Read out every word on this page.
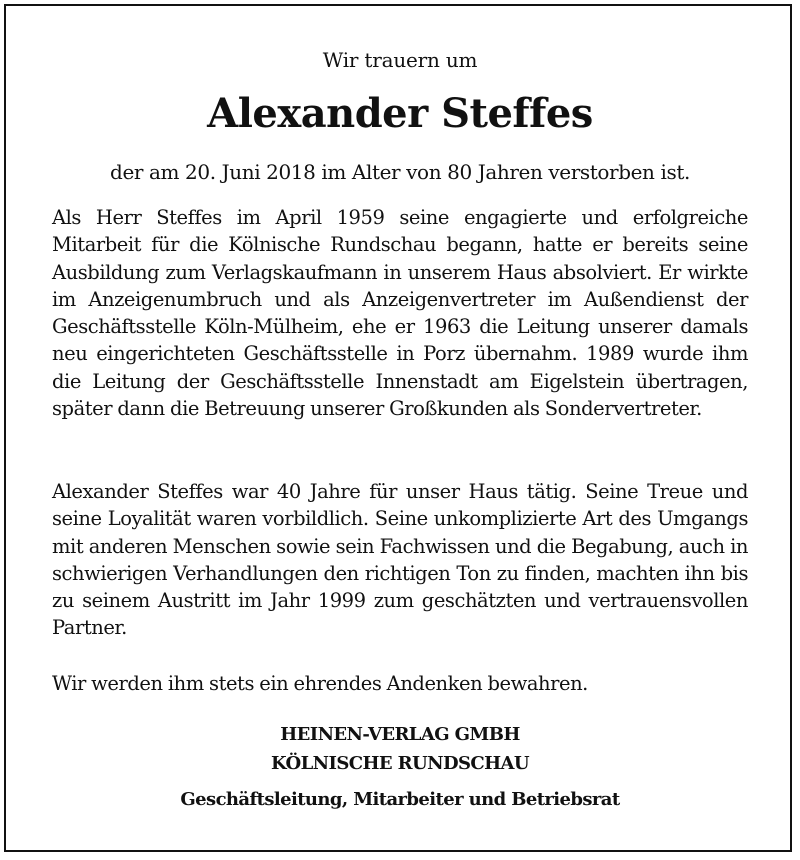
Wir trauern um
Alexander Steffes
der am 20. Juni 2018 im Alter von 80 Jahren verstorben ist.

Als Herr Steffes im April 1959 seine engagierte und erfolgreiche Mitarbeit für die Kölnische Rundschau begann, hatte er bereits seine Ausbildung zum Verlagskaufmann in unserem Haus absolviert. Er wirkte im Anzeigenumbruch und als Anzeigenvertreter im Außendienst der Geschäftsstelle Köln-Mülheim, ehe er 1963 die Leitung unserer damals neu eingerichteten Geschäftsstelle in Porz übernahm. 1989 wurde ihm die Leitung der Geschäftsstelle Innenstadt am Eigelstein übertragen, später dann die Betreuung unserer Großkunden als Sondervertreter.

Alexander Steffes war 40 Jahre für unser Haus tätig. Seine Treue und seine Loyalität waren vorbildlich. Seine unkomplizierte Art des Umgangs mit anderen Menschen sowie sein Fachwissen und die Begabung, auch in schwierigen Verhandlungen den richtigen Ton zu finden, machten ihn bis zu seinem Austritt im Jahr 1999 zum geschätzten und vertrauensvollen Partner.

Wir werden ihm stets ein ehrendes Andenken bewahren.

HEINEN-VERLAG GMBH
KÖLNISCHE RUNDSCHAU
Geschäftsleitung, Mitarbeiter und Betriebsrat
